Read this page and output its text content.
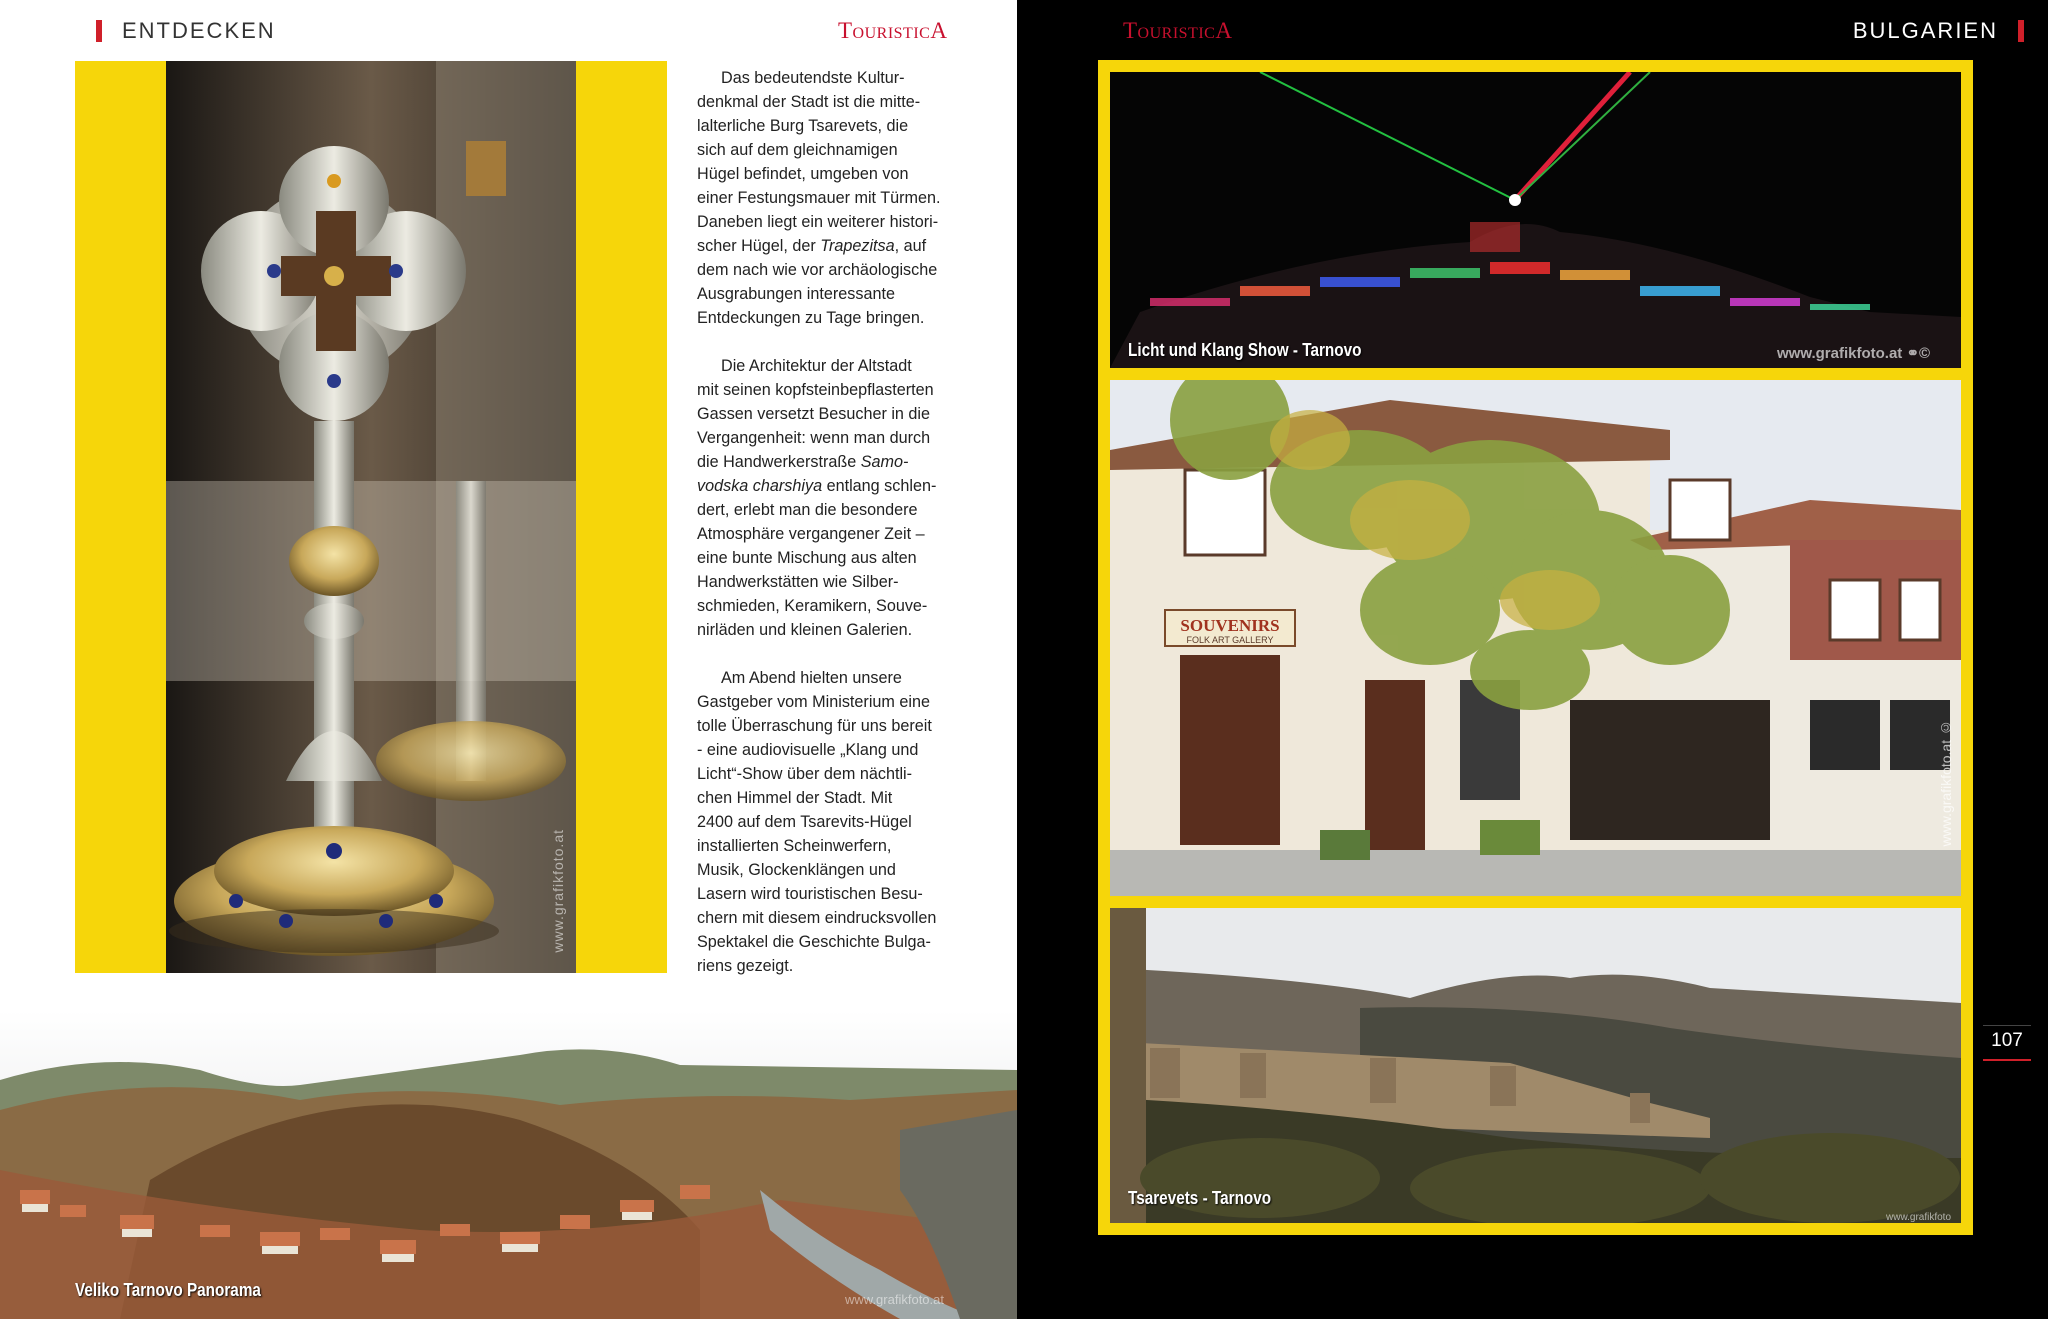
ENTDECKEN	TouristicA
www.grafikfoto.at

Das bedeutendste Kultur-
denkmal der Stadt ist die mitte-
lalterliche Burg Tsarevets, die
sich auf dem gleichnamigen
Hügel befindet, umgeben von
einer Festungsmauer mit Türmen.
Daneben liegt ein weiterer histori-
scher Hügel, der Trapezitsa, auf
dem nach wie vor archäologische
Ausgrabungen interessante
Entdeckungen zu Tage bringen.

Die Architektur der Altstadt
mit seinen kopfsteinbepflasterten
Gassen versetzt Besucher in die
Vergangenheit: wenn man durch
die Handwerkerstraße Samo-
vodska charshiya entlang schlen-
dert, erlebt man die besondere
Atmosphäre vergangener Zeit –
eine bunte Mischung aus alten
Handwerkstätten wie Silber-
schmieden, Keramikern, Souve-
nirläden und kleinen Galerien.

Am Abend hielten unsere
Gastgeber vom Ministerium eine
tolle Überraschung für uns bereit
- eine audiovisuelle „Klang und
Licht“-Show über dem nächtli-
chen Himmel der Stadt. Mit
2400 auf dem Tsarevits-Hügel
installierten Scheinwerfern,
Musik, Glockenklängen und
Lasern wird touristischen Besu-
chern mit diesem eindrucksvollen
Spektakel die Geschichte Bulga-
riens gezeigt.

Veliko Tarnovo Panorama	www.grafikfoto.at
TouristicA	BULGARIEN
Licht und Klang Show - Tarnovo	www.grafikfoto.at ⚭©
SOUVENIRS
FOLK ART GALLERY
www.grafikfoto.at ©
Tsarevets - Tarnovo
www.grafikfoto
107
